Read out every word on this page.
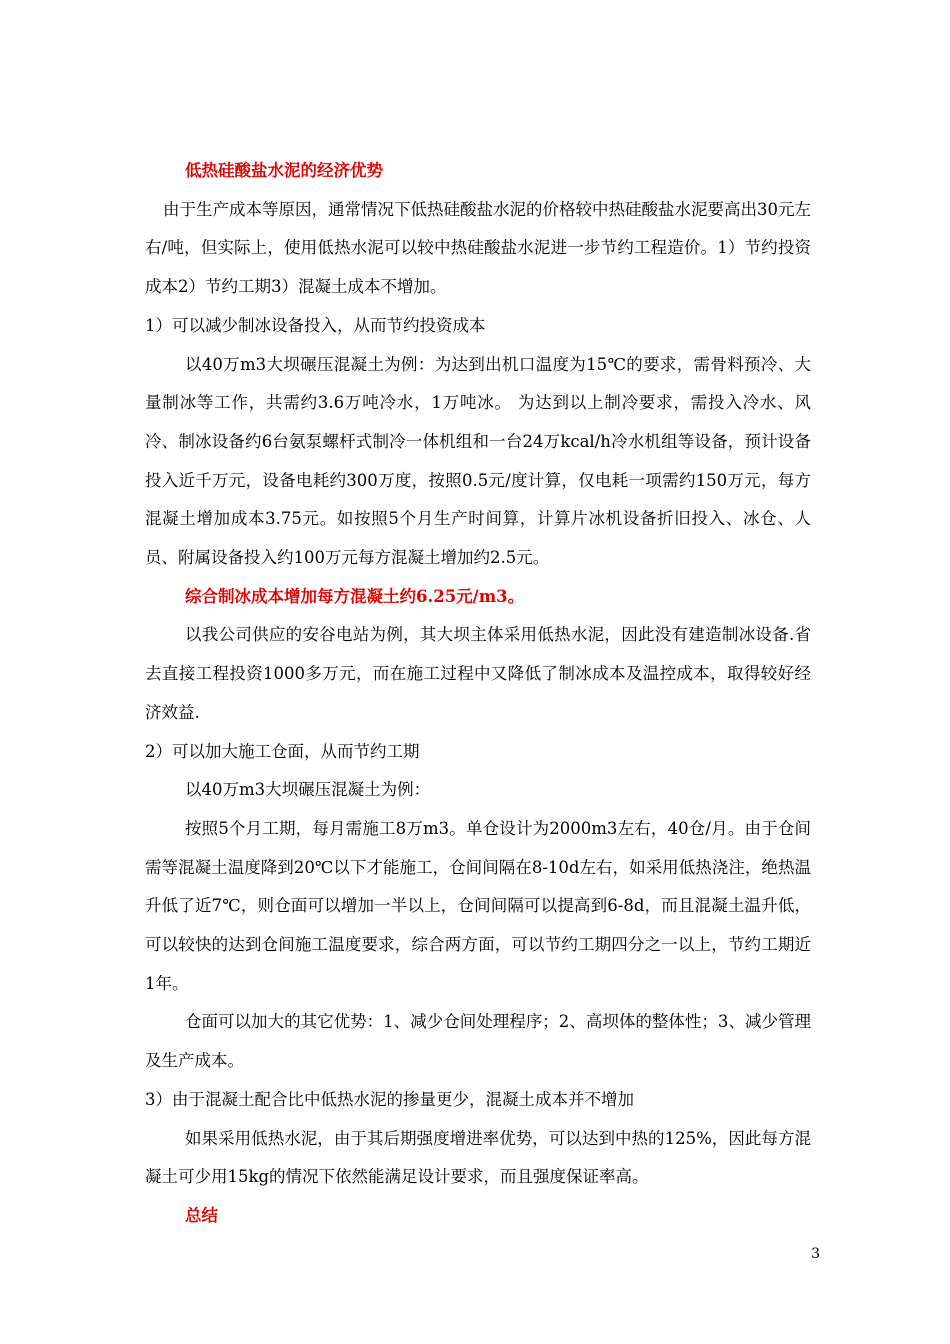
低热硅酸盐水泥的经济优势

由于生产成本等原因，通常情况下低热硅酸盐水泥的价格较中热硅酸盐水泥要高出30元左右/吨，但实际上，使用低热水泥可以较中热硅酸盐水泥进一步节约工程造价。1）节约投资成本2）节约工期3）混凝土成本不增加。

1）可以减少制冰设备投入，从而节约投资成本

以40万m3大坝碾压混凝土为例：为达到出机口温度为15℃的要求，需骨料预冷、大量制冰等工作，共需约3.6万吨冷水，1万吨冰。 为达到以上制冷要求，需投入冷水、风冷、制冰设备约6台氨泵螺杆式制冷一体机组和一台24万kcal/h冷水机组等设备，预计设备投入近千万元，设备电耗约300万度，按照0.5元/度计算，仅电耗一项需约150万元，每方混凝土增加成本3.75元。如按照5个月生产时间算，计算片冰机设备折旧投入、冰仓、人员、附属设备投入约100万元每方混凝土增加约2.5元。

综合制冰成本增加每方混凝土约6.25元/m3。

以我公司供应的安谷电站为例，其大坝主体采用低热水泥，因此没有建造制冰设备.省去直接工程投资1000多万元，而在施工过程中又降低了制冰成本及温控成本，取得较好经济效益.

2）可以加大施工仓面，从而节约工期

以40万m3大坝碾压混凝土为例：

按照5个月工期，每月需施工8万m3。单仓设计为2000m3左右，40仓/月。由于仓间需等混凝土温度降到20℃以下才能施工，仓间间隔在8-10d左右，如采用低热浇注，绝热温升低了近7℃，则仓面可以增加一半以上，仓间间隔可以提高到6-8d，而且混凝土温升低，可以较快的达到仓间施工温度要求，综合两方面，可以节约工期四分之一以上，节约工期近1年。

仓面可以加大的其它优势：1、减少仓间处理程序；2、高坝体的整体性；3、减少管理及生产成本。

3）由于混凝土配合比中低热水泥的掺量更少，混凝土成本并不增加

如果采用低热水泥，由于其后期强度增进率优势，可以达到中热的125%，因此每方混凝土可少用15kg的情况下依然能满足设计要求，而且强度保证率高。

总结

3
